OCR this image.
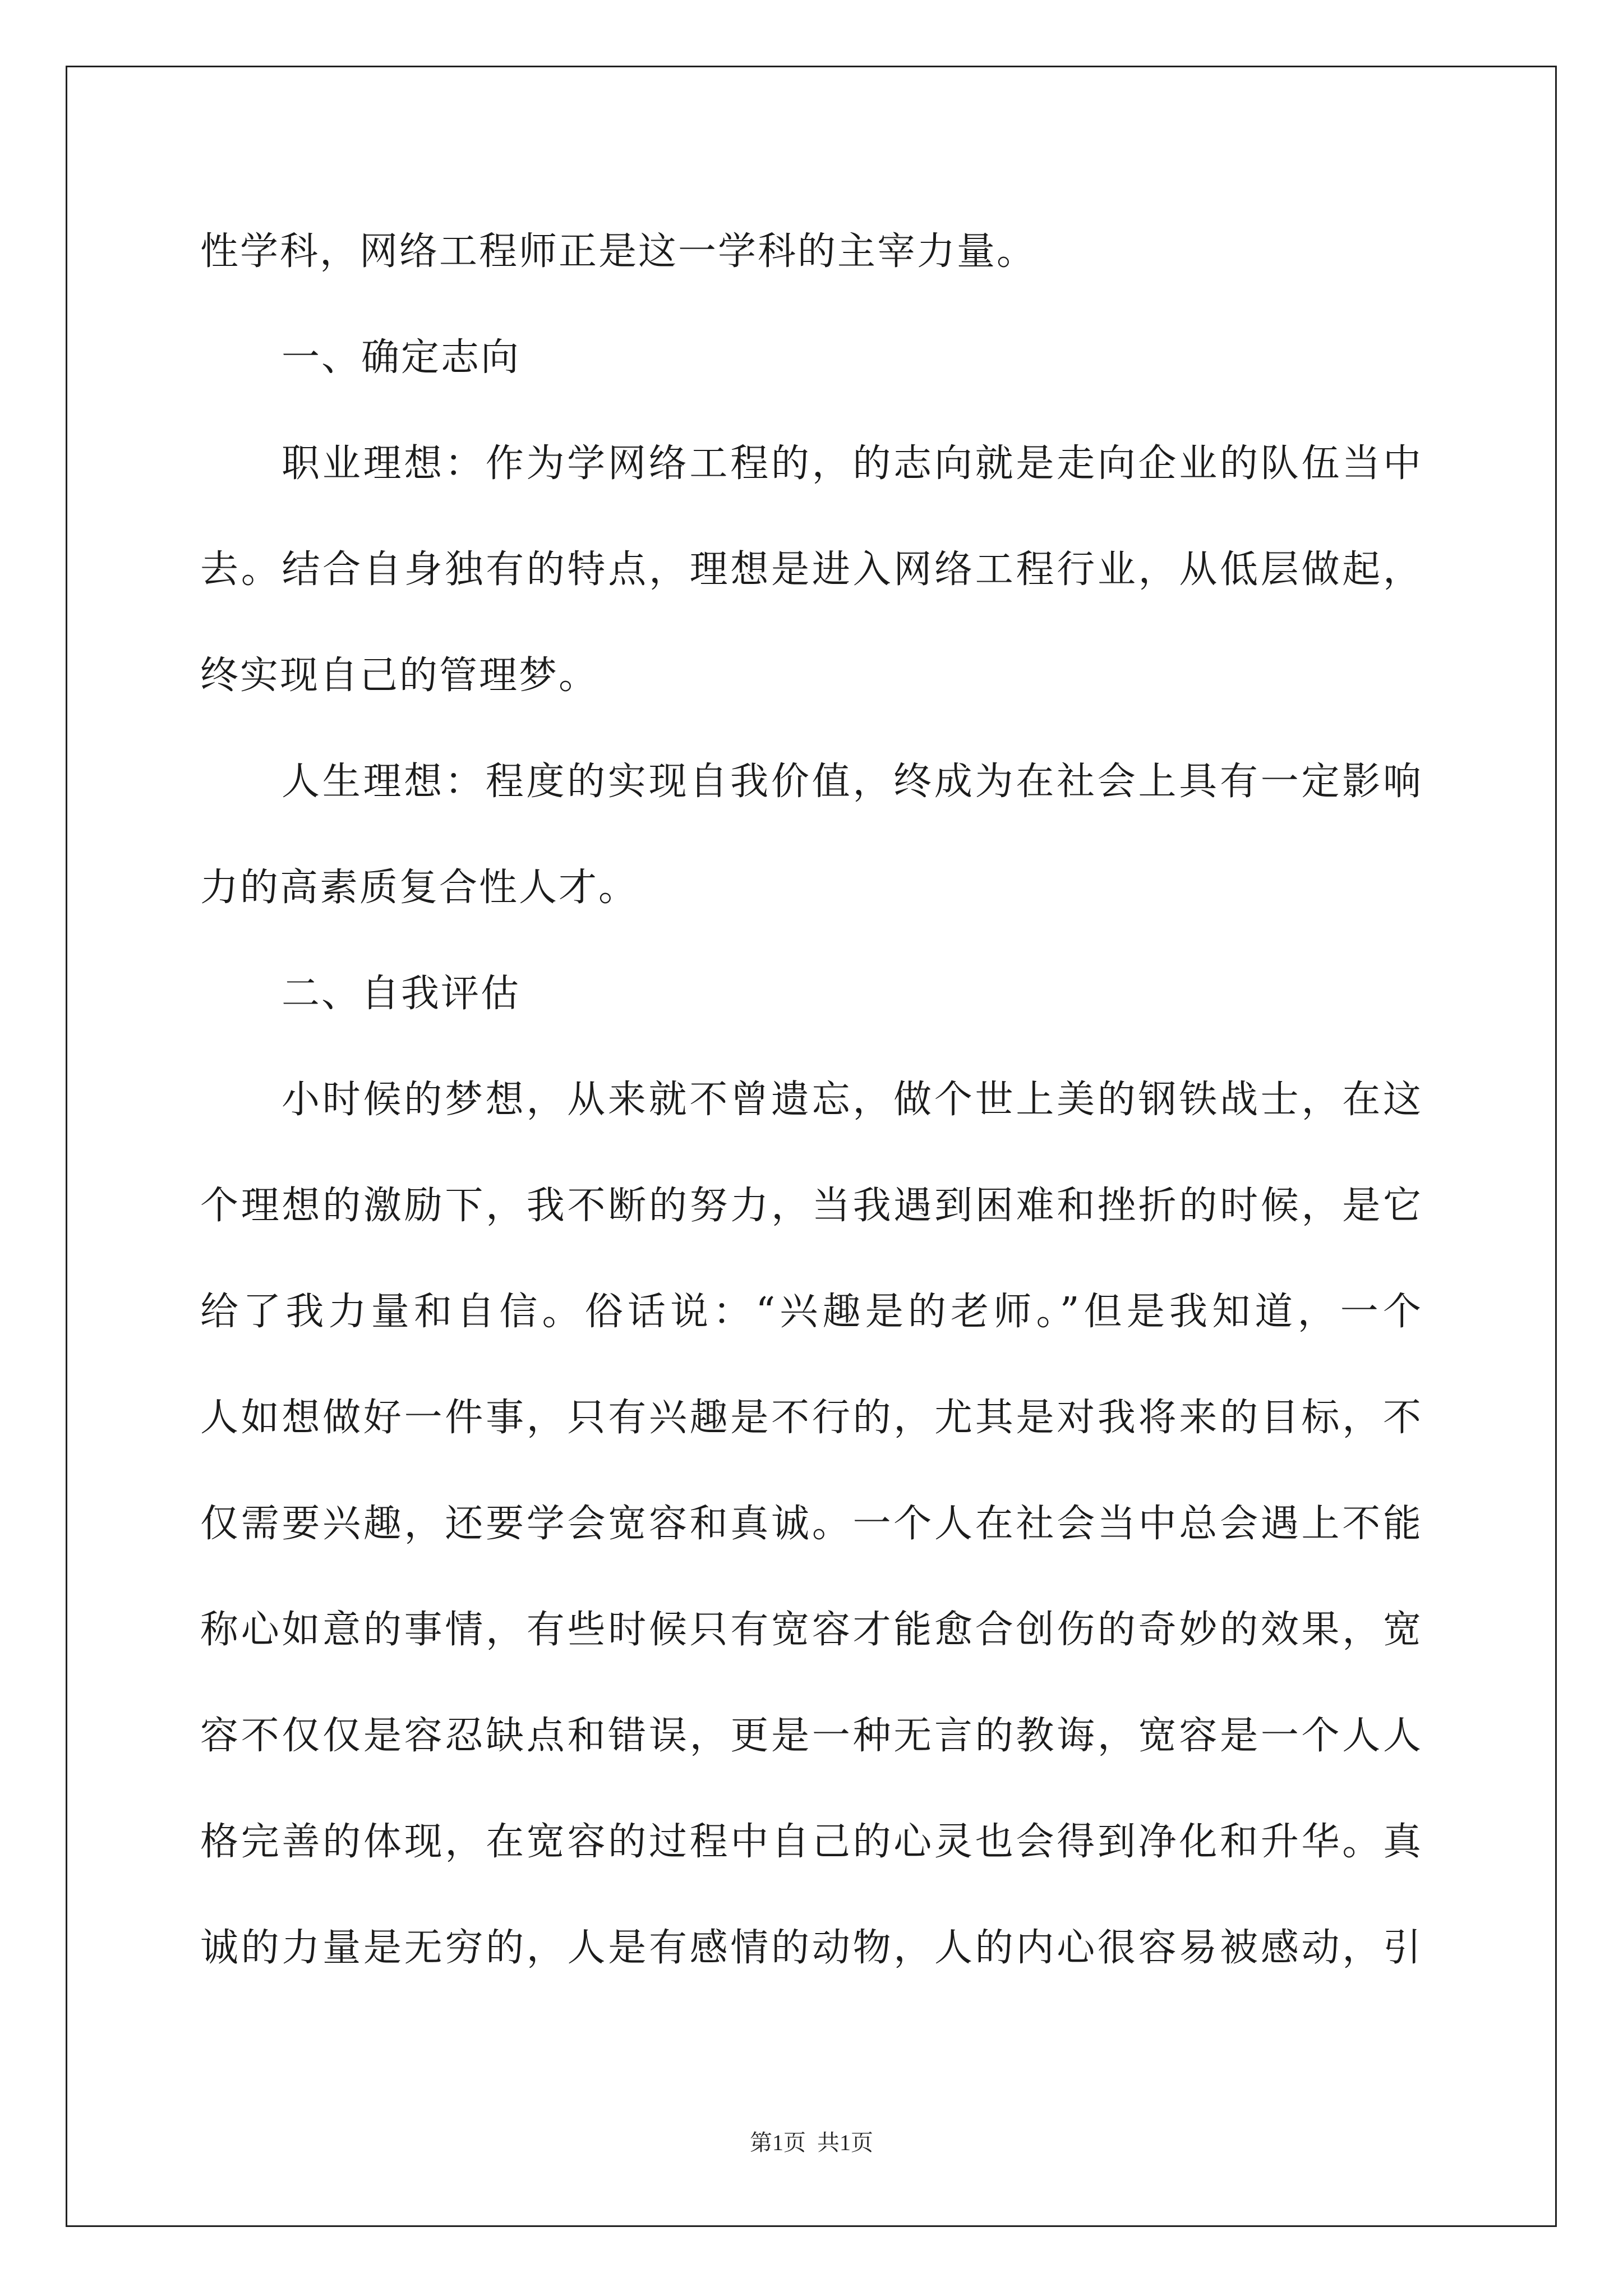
性学科，网络工程师正是这一学科的主宰力量。
一、确定志向
职业理想：作为学网络工程的，的志向就是走向企业的队伍当中
去。结合自身独有的特点，理想是进入网络工程行业，从低层做起，
终实现自己的管理梦。
人生理想：程度的实现自我价值，终成为在社会上具有一定影响
力的高素质复合性人才。
二、自我评估
小时候的梦想，从来就不曾遗忘，做个世上美的钢铁战士，在这
个理想的激励下，我不断的努力，当我遇到困难和挫折的时候，是它
给了我力量和自信。俗话说：“兴趣是的老师。”但是我知道，一个
人如想做好一件事，只有兴趣是不行的，尤其是对我将来的目标，不
仅需要兴趣，还要学会宽容和真诚。一个人在社会当中总会遇上不能
称心如意的事情，有些时候只有宽容才能愈合创伤的奇妙的效果，宽
容不仅仅是容忍缺点和错误，更是一种无言的教诲，宽容是一个人人
格完善的体现，在宽容的过程中自己的心灵也会得到净化和升华。真
诚的力量是无穷的，人是有感情的动物，人的内心很容易被感动，引
第1页  共1页
